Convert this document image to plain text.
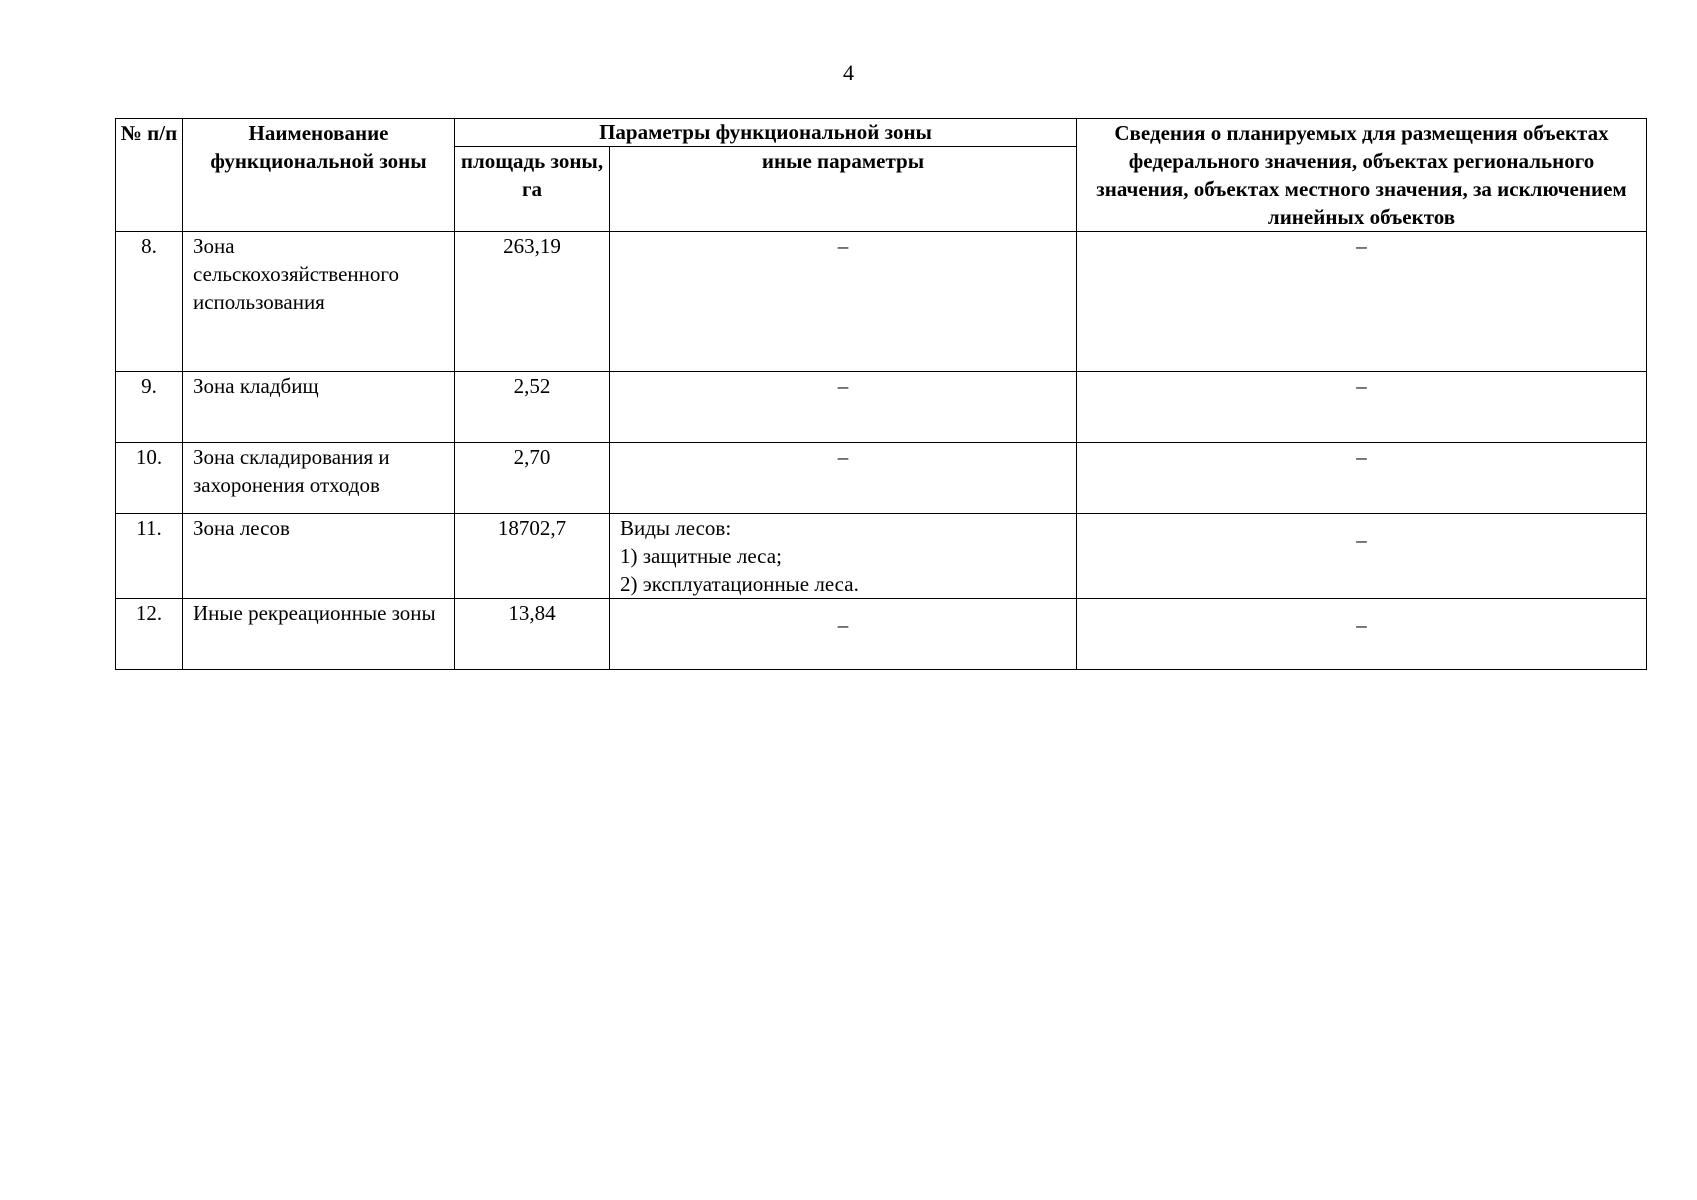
4
№ п/п	Наименование функциональной зоны	Параметры функциональной зоны		Сведения о планируемых для размещения объектах федерального значения, объектах регионального значения, объектах местного значения, за исключением линейных объектов
		площадь зоны, га	иные параметры	
8.	Зона сельскохозяйственного использования	263,19	–	–
9.	Зона кладбищ	2,52	–	–
10.	Зона складирования и захоронения отходов	2,70	–	–
11.	Зона лесов	18702,7	Виды лесов:
1) защитные леса;
2) эксплуатационные леса.	–
12.	Иные рекреационные зоны	13,84	–	–
